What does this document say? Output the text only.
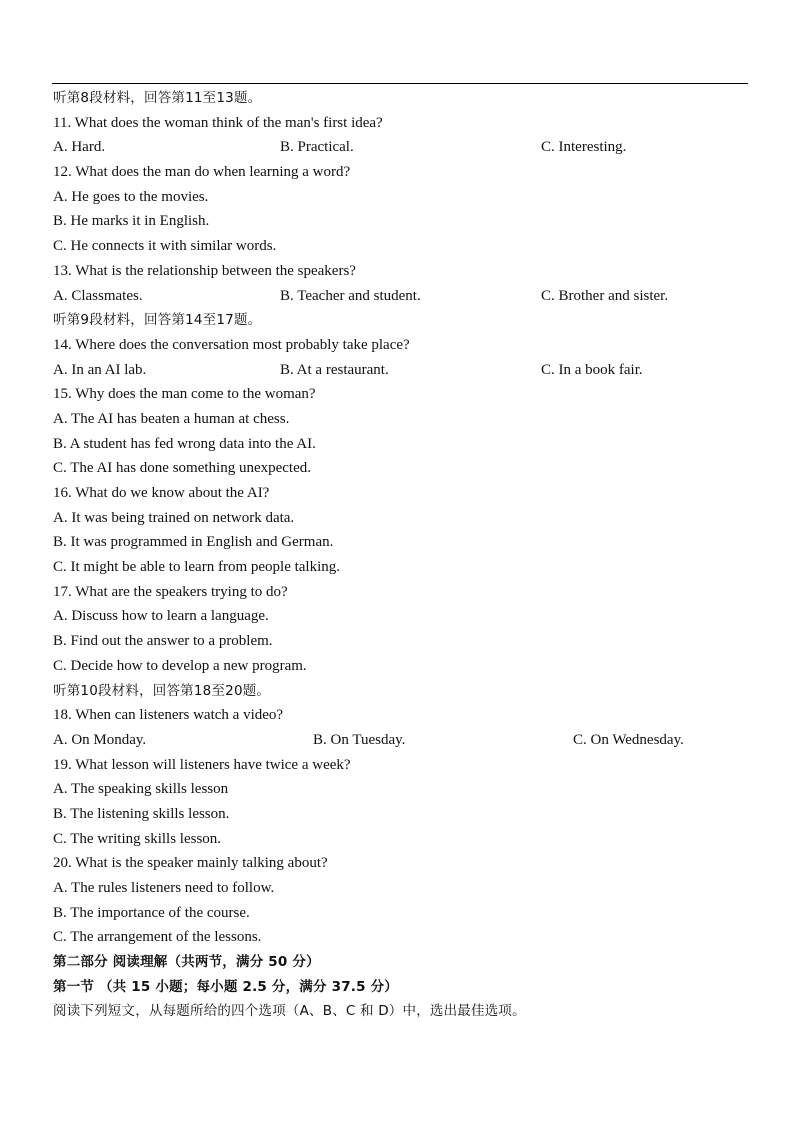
听第8段材料，回答第11至13题。
11. What does the woman think of the man's first idea?
A. Hard.	B. Practical.	C. Interesting.
12. What does the man do when learning a word?
A. He goes to the movies.
B. He marks it in English.
C. He connects it with similar words.
13. What is the relationship between the speakers?
A. Classmates.	B. Teacher and student.	C. Brother and sister.
听第9段材料，回答第14至17题。
14. Where does the conversation most probably take place?
A. In an AI lab.	B. At a restaurant.	C. In a book fair.
15. Why does the man come to the woman?
A. The AI has beaten a human at chess.
B. A student has fed wrong data into the AI.
C. The AI has done something unexpected.
16. What do we know about the AI?
A. It was being trained on network data.
B. It was programmed in English and German.
C. It might be able to learn from people talking.
17. What are the speakers trying to do?
A. Discuss how to learn a language.
B. Find out the answer to a problem.
C. Decide how to develop a new program.
听第10段材料，回答第18至20题。
18. When can listeners watch a video?
A. On Monday.	B. On Tuesday.	C. On Wednesday.
19. What lesson will listeners have twice a week?
A. The speaking skills lesson
B. The listening skills lesson.
C. The writing skills lesson.
20. What is the speaker mainly talking about?
A. The rules listeners need to follow.
B. The importance of the course.
C. The arrangement of the lessons.
第二部分 阅读理解（共两节，满分 50 分）
第一节 （共 15 小题；每小题 2.5 分，满分 37.5 分）
阅读下列短文，从每题所给的四个选项（A、B、C 和 D）中，选出最佳选项。
